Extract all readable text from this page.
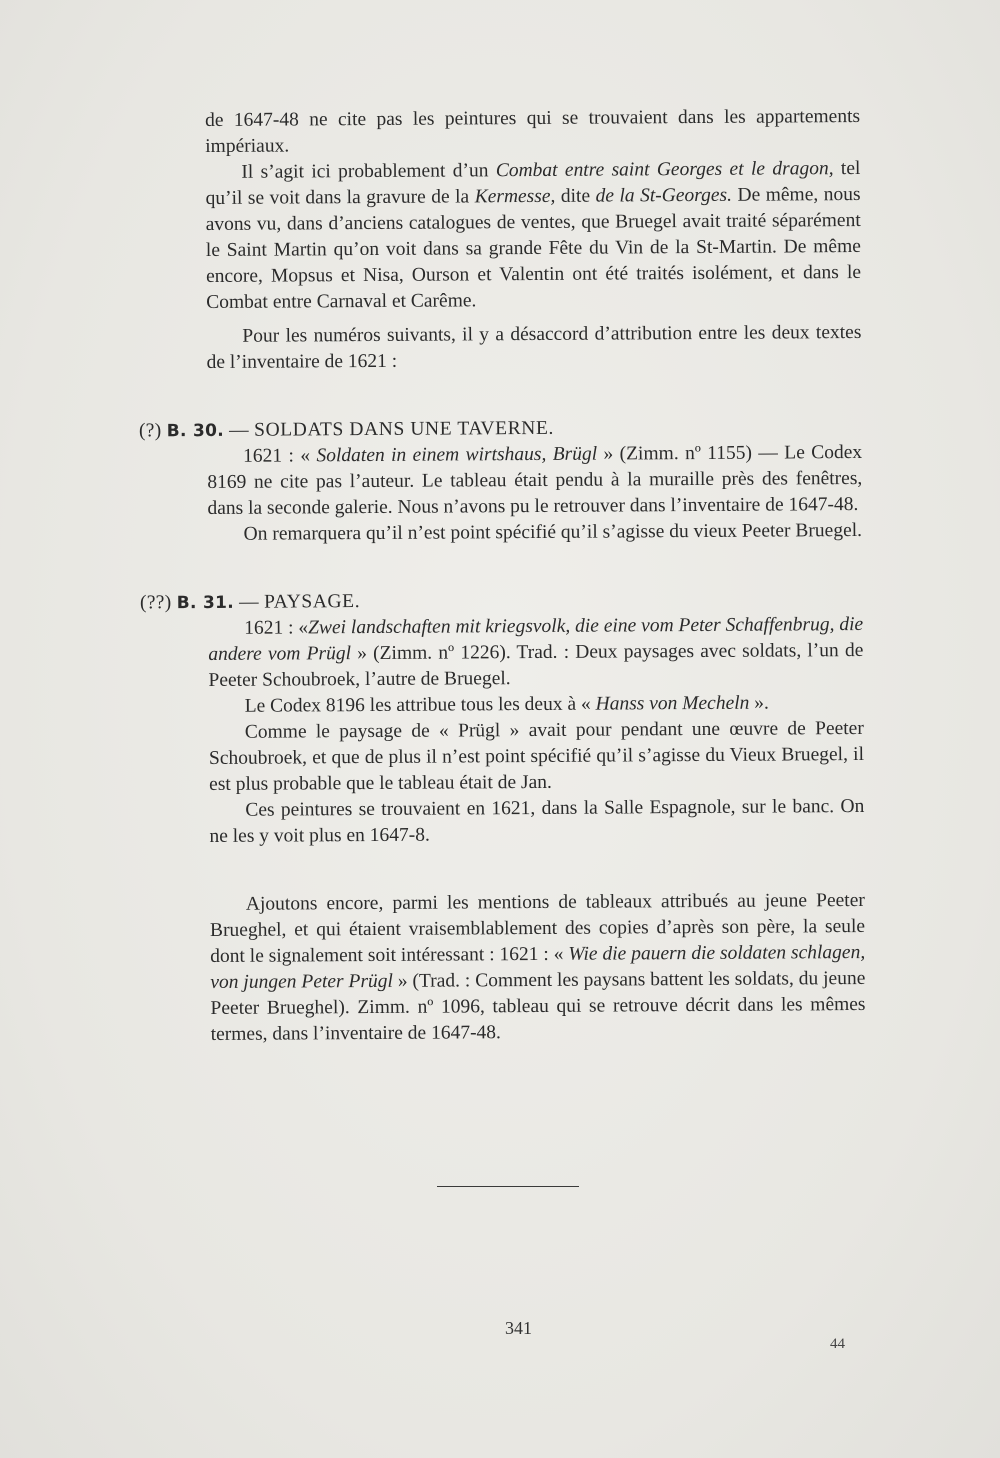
de 1647-48 ne cite pas les peintures qui se trouvaient dans les appartements impériaux.

Il s’agit ici probablement d’un Combat entre saint Georges et le dragon, tel qu’il se voit dans la gravure de la Kermesse, dite de la St-Georges. De même, nous avons vu, dans d’anciens catalogues de ventes, que Bruegel avait traité séparément le Saint Martin qu’on voit dans sa grande Fête du Vin de la St-Martin. De même encore, Mopsus et Nisa, Ourson et Valentin ont été traités isolément, et dans le Combat entre Carnaval et Carême.

Pour les numéros suivants, il y a désaccord d’attribution entre les deux textes de l’inventaire de 1621 :

(?) B. 30. — SOLDATS DANS UNE TAVERNE.

1621 : « Soldaten in einem wirtshaus, Brügl » (Zimm. nº 1155) — Le Codex 8169 ne cite pas l’auteur. Le tableau était pendu à la muraille près des fenêtres, dans la seconde galerie. Nous n’avons pu le retrouver dans l’inventaire de 1647-48.

On remarquera qu’il n’est point spécifié qu’il s’agisse du vieux Peeter Bruegel.

(??) B. 31. — PAYSAGE.

1621 : «Zwei landschaften mit kriegsvolk, die eine vom Peter Schaffenbrug, die andere vom Prügl » (Zimm. nº 1226). Trad. : Deux paysages avec soldats, l’un de Peeter Schoubroek, l’autre de Bruegel.

Le Codex 8196 les attribue tous les deux à « Hanss von Mecheln ».

Comme le paysage de « Prügl » avait pour pendant une œuvre de Peeter Schoubroek, et que de plus il n’est point spécifié qu’il s’agisse du Vieux Bruegel, il est plus probable que le tableau était de Jan.

Ces peintures se trouvaient en 1621, dans la Salle Espagnole, sur le banc. On ne les y voit plus en 1647-8.

Ajoutons encore, parmi les mentions de tableaux attribués au jeune Peeter Brueghel, et qui étaient vraisemblablement des copies d’après son père, la seule dont le signalement soit intéressant : 1621 : « Wie die pauern die soldaten schlagen, von jungen Peter Prügl » (Trad. : Comment les paysans battent les soldats, du jeune Peeter Brueghel). Zimm. nº 1096, tableau qui se retrouve décrit dans les mêmes termes, dans l’inventaire de 1647-48.

341
44
